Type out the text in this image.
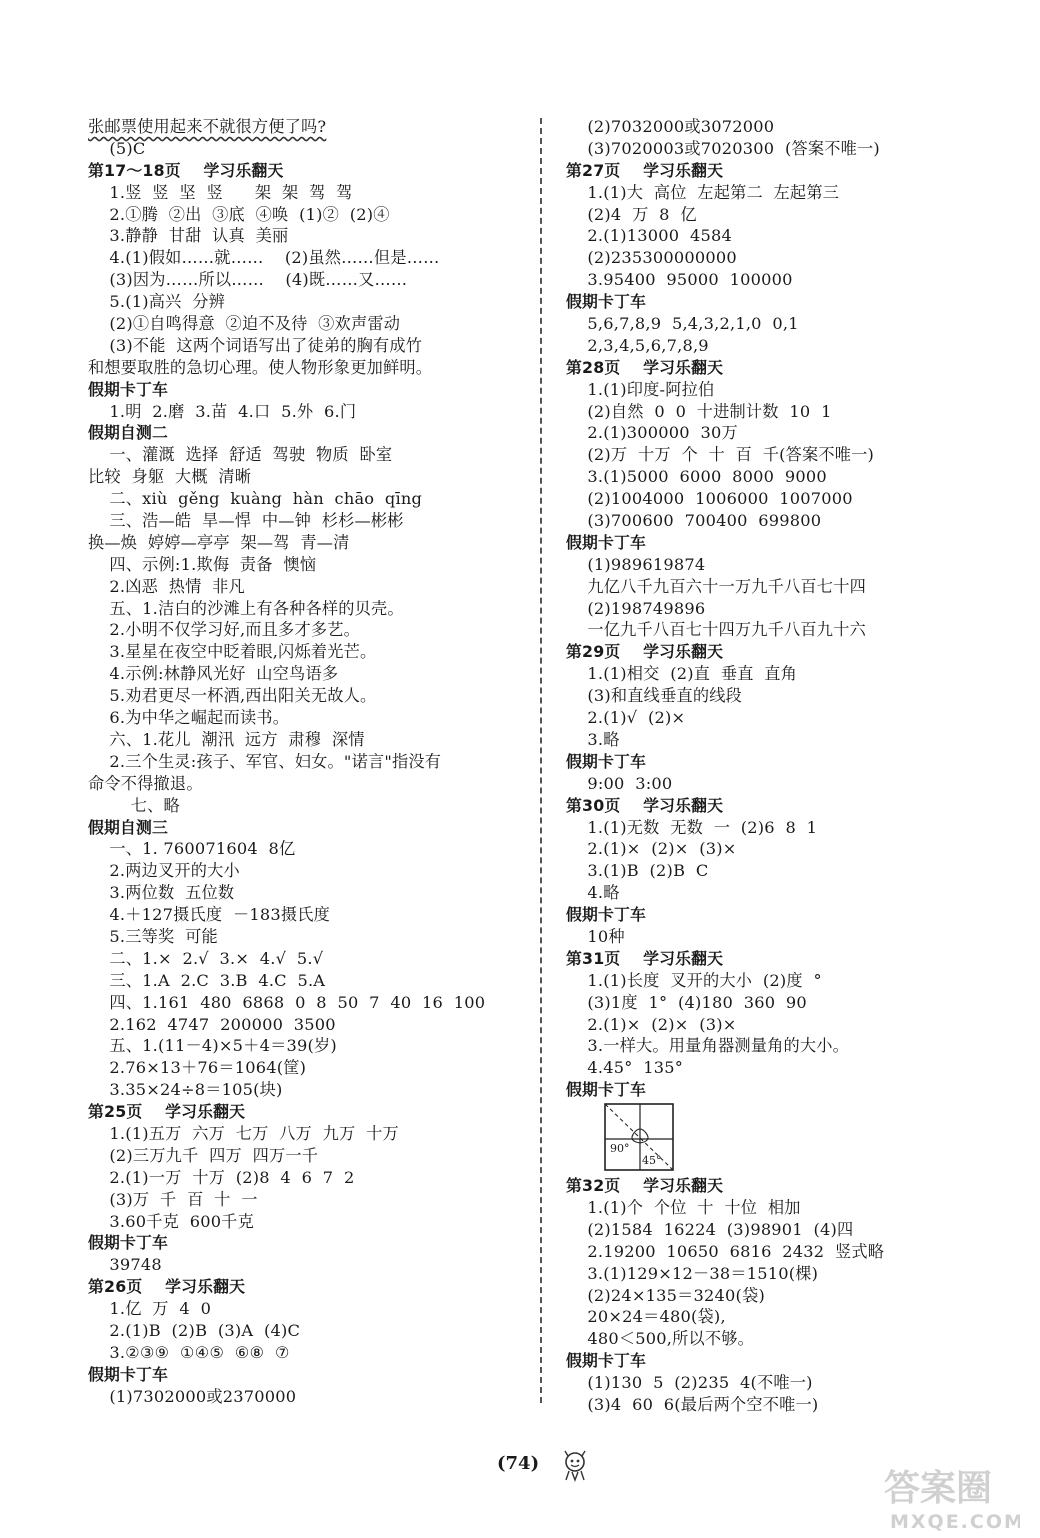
张邮票使用起来不就很方便了吗?
(5)C
第17～18页    学习乐翻天
1.竖  竖  坚  竖      架  架  驾  驾
2.①腾  ②出  ③底  ④唤  (1)②  (2)④
3.静静  甘甜  认真  美丽
4.(1)假如……就……    (2)虽然……但是……
(3)因为……所以……    (4)既……又……
5.(1)高兴  分辨
(2)①自鸣得意  ②迫不及待  ③欢声雷动
(3)不能  这两个词语写出了徒弟的胸有成竹
和想要取胜的急切心理。使人物形象更加鲜明。
假期卡丁车
1.明  2.磨  3.苗  4.口  5.外  6.门
假期自测二
一、灌溉  选择  舒适  驾驶  物质  卧室
比较  身躯  大概  清晰
二、xiù  gěng  kuàng  hàn  chāo  qīng
三、浩—皓  旱—悍  中—钟  杉杉—彬彬
换—焕  婷婷—亭亭  架—驾  青—清
四、示例:1.欺侮  责备  懊恼
2.凶恶  热情  非凡
五、1.洁白的沙滩上有各种各样的贝壳。
2.小明不仅学习好,而且多才多艺。
3.星星在夜空中眨着眼,闪烁着光芒。
4.示例:林静风光好  山空鸟语多
5.劝君更尽一杯酒,西出阳关无故人。
6.为中华之崛起而读书。
六、1.花儿  潮汛  远方  肃穆  深情
2.三个生灵:孩子、军官、妇女。"诺言"指没有
命令不得撤退。
七、略
假期自测三
一、1. 760071604  8亿
2.两边叉开的大小
3.两位数  五位数
4.＋127摄氏度  －183摄氏度
5.三等奖  可能
二、1.×  2.√  3.×  4.√  5.√
三、1.A  2.C  3.B  4.C  5.A
四、1.161  480  6868  0  8  50  7  40  16  100
2.162  4747  200000  3500
五、1.(11－4)×5＋4＝39(岁)
2.76×13＋76＝1064(筐)
3.35×24÷8＝105(块)
第25页    学习乐翻天
1.(1)五万  六万  七万  八万  九万  十万
(2)三万九千  四万  四万一千
2.(1)一万  十万  (2)8  4  6  7  2
(3)万  千  百  十  一
3.60千克  600千克
假期卡丁车
39748
第26页    学习乐翻天
1.亿  万  4  0
2.(1)B  (2)B  (3)A  (4)C
3.②③⑨  ①④⑤  ⑥⑧  ⑦
假期卡丁车
(1)7302000或2370000
(2)7032000或3072000
(3)7020003或7020300  (答案不唯一)
第27页    学习乐翻天
1.(1)大  高位  左起第二  左起第三
(2)4  万  8  亿
2.(1)13000  4584
(2)235300000000
3.95400  95000  100000
假期卡丁车
5,6,7,8,9  5,4,3,2,1,0  0,1
2,3,4,5,6,7,8,9
第28页    学习乐翻天
1.(1)印度-阿拉伯
(2)自然  0  0  十进制计数  10  1
2.(1)300000  30万
(2)万  十万  个  十  百  千(答案不唯一)
3.(1)5000  6000  8000  9000
(2)1004000  1006000  1007000
(3)700600  700400  699800
假期卡丁车
(1)989619874
九亿八千九百六十一万九千八百七十四
(2)198749896
一亿九千八百七十四万九千八百九十六
第29页    学习乐翻天
1.(1)相交  (2)直  垂直  直角
(3)和直线垂直的线段
2.(1)√  (2)×
3.略
假期卡丁车
9:00  3:00
第30页    学习乐翻天
1.(1)无数  无数  一  (2)6  8  1
2.(1)×  (2)×  (3)×
3.(1)B  (2)B  C
4.略
假期卡丁车
10种
第31页    学习乐翻天
1.(1)长度  叉开的大小  (2)度  °
(3)1度  1°  (4)180  360  90
2.(1)×  (2)×  (3)×
3.一样大。用量角器测量角的大小。
4.45°  135°
假期卡丁车
90°
45°
第32页    学习乐翻天
1.(1)个  个位  十  十位  相加
(2)1584  16224  (3)98901  (4)四
2.19200  10650  6816  2432  竖式略
3.(1)129×12－38＝1510(棵)
(2)24×135＝3240(袋)
20×24＝480(袋),
480＜500,所以不够。
假期卡丁车
(1)130  5  (2)235  4(不唯一)
(3)4  60  6(最后两个空不唯一)
(74)
答案圈
MXQE.COM
